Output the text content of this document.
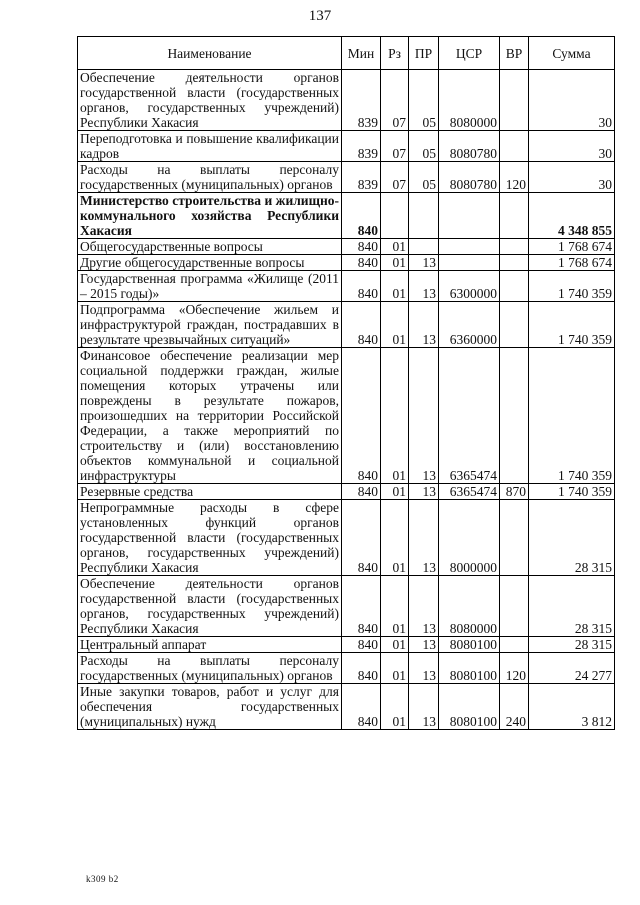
137
Наименование	Мин	Рз	ПР	ЦСР	ВР	Сумма
Обеспечение деятельности органов государственной власти (государственных органов, государственных учреждений) Республики Хакасия	839	07	05	8080000		30
Переподготовка и повышение квалификации кадров	839	07	05	8080780		30
Расходы на выплаты персоналу государственных (муниципальных) органов	839	07	05	8080780	120	30
Министерство строительства и жилищно-коммунального хозяйства Республики Хакасия	840					4 348 855
Общегосударственные вопросы	840	01				1 768 674
Другие общегосударственные вопросы	840	01	13			1 768 674
Государственная программа «Жилище (2011 – 2015 годы)»	840	01	13	6300000		1 740 359
Подпрограмма «Обеспечение жильем и инфраструктурой граждан, пострадавших в результате чрезвычайных ситуаций»	840	01	13	6360000		1 740 359
Финансовое обеспечение реализации мер социальной поддержки граждан, жилые помещения которых утрачены или повреждены в результате пожаров, произошедших на территории Российской Федерации, а также мероприятий по строительству и (или) восстановлению объектов коммунальной и социальной инфраструктуры	840	01	13	6365474		1 740 359
Резервные средства	840	01	13	6365474	870	1 740 359
Непрограммные расходы в сфере установленных функций органов государственной власти (государственных органов, государственных учреждений) Республики Хакасия	840	01	13	8000000		28 315
Обеспечение деятельности органов государственной власти (государственных органов, государственных учреждений) Республики Хакасия	840	01	13	8080000		28 315
Центральный аппарат	840	01	13	8080100		28 315
Расходы на выплаты персоналу государственных (муниципальных) органов	840	01	13	8080100	120	24 277
Иные закупки товаров, работ и услуг для обеспечения государственных (муниципальных) нужд	840	01	13	8080100	240	3 812
k309 b2
